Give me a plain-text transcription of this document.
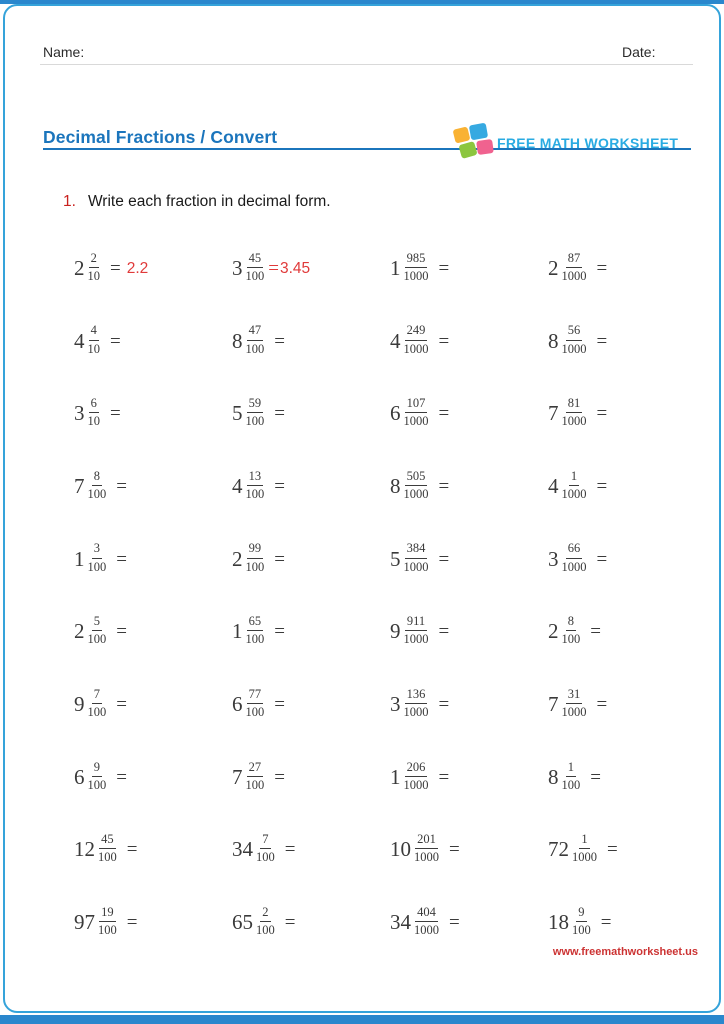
Name:	Date:
Decimal Fractions / Convert	FREE MATH WORKSHEET
1. Write each fraction in decimal form.
$2 \frac{2}{10} = 2.2$	$3 \frac{45}{100} = 3.45$	$1 \frac{985}{1000}$ =	$2 \frac{87}{1000}$ =
$4 \frac{4}{10}$ =	$8 \frac{47}{100}$ =	$4 \frac{249}{1000}$ =	$8 \frac{56}{1000}$ =
$3 \frac{6}{10}$ =	$5 \frac{59}{100}$ =	$6 \frac{107}{1000}$ =	$7 \frac{81}{1000}$ =
$7 \frac{8}{100}$ =	$4 \frac{13}{100}$ =	$8 \frac{505}{1000}$ =	$4 \frac{1}{1000}$ =
$1 \frac{3}{100}$ =	$2 \frac{99}{100}$ =	$5 \frac{384}{1000}$ =	$3 \frac{66}{1000}$ =
$2 \frac{5}{100}$ =	$1 \frac{65}{100}$ =	$9 \frac{911}{1000}$ =	$2 \frac{8}{100}$ =
$9 \frac{7}{100}$ =	$6 \frac{77}{100}$ =	$3 \frac{136}{1000}$ =	$7 \frac{31}{1000}$ =
$6 \frac{9}{100}$ =	$7 \frac{27}{100}$ =	$1 \frac{206}{1000}$ =	$8 \frac{1}{100}$ =
$12 \frac{45}{100}$ =	$34 \frac{7}{100}$ =	$10 \frac{201}{1000}$ =	$72 \frac{1}{1000}$ =
$97 \frac{19}{100}$ =	$65 \frac{2}{100}$ =	$34 \frac{404}{1000}$ =	$18 \frac{9}{100}$ =
www.freemathworksheet.us
